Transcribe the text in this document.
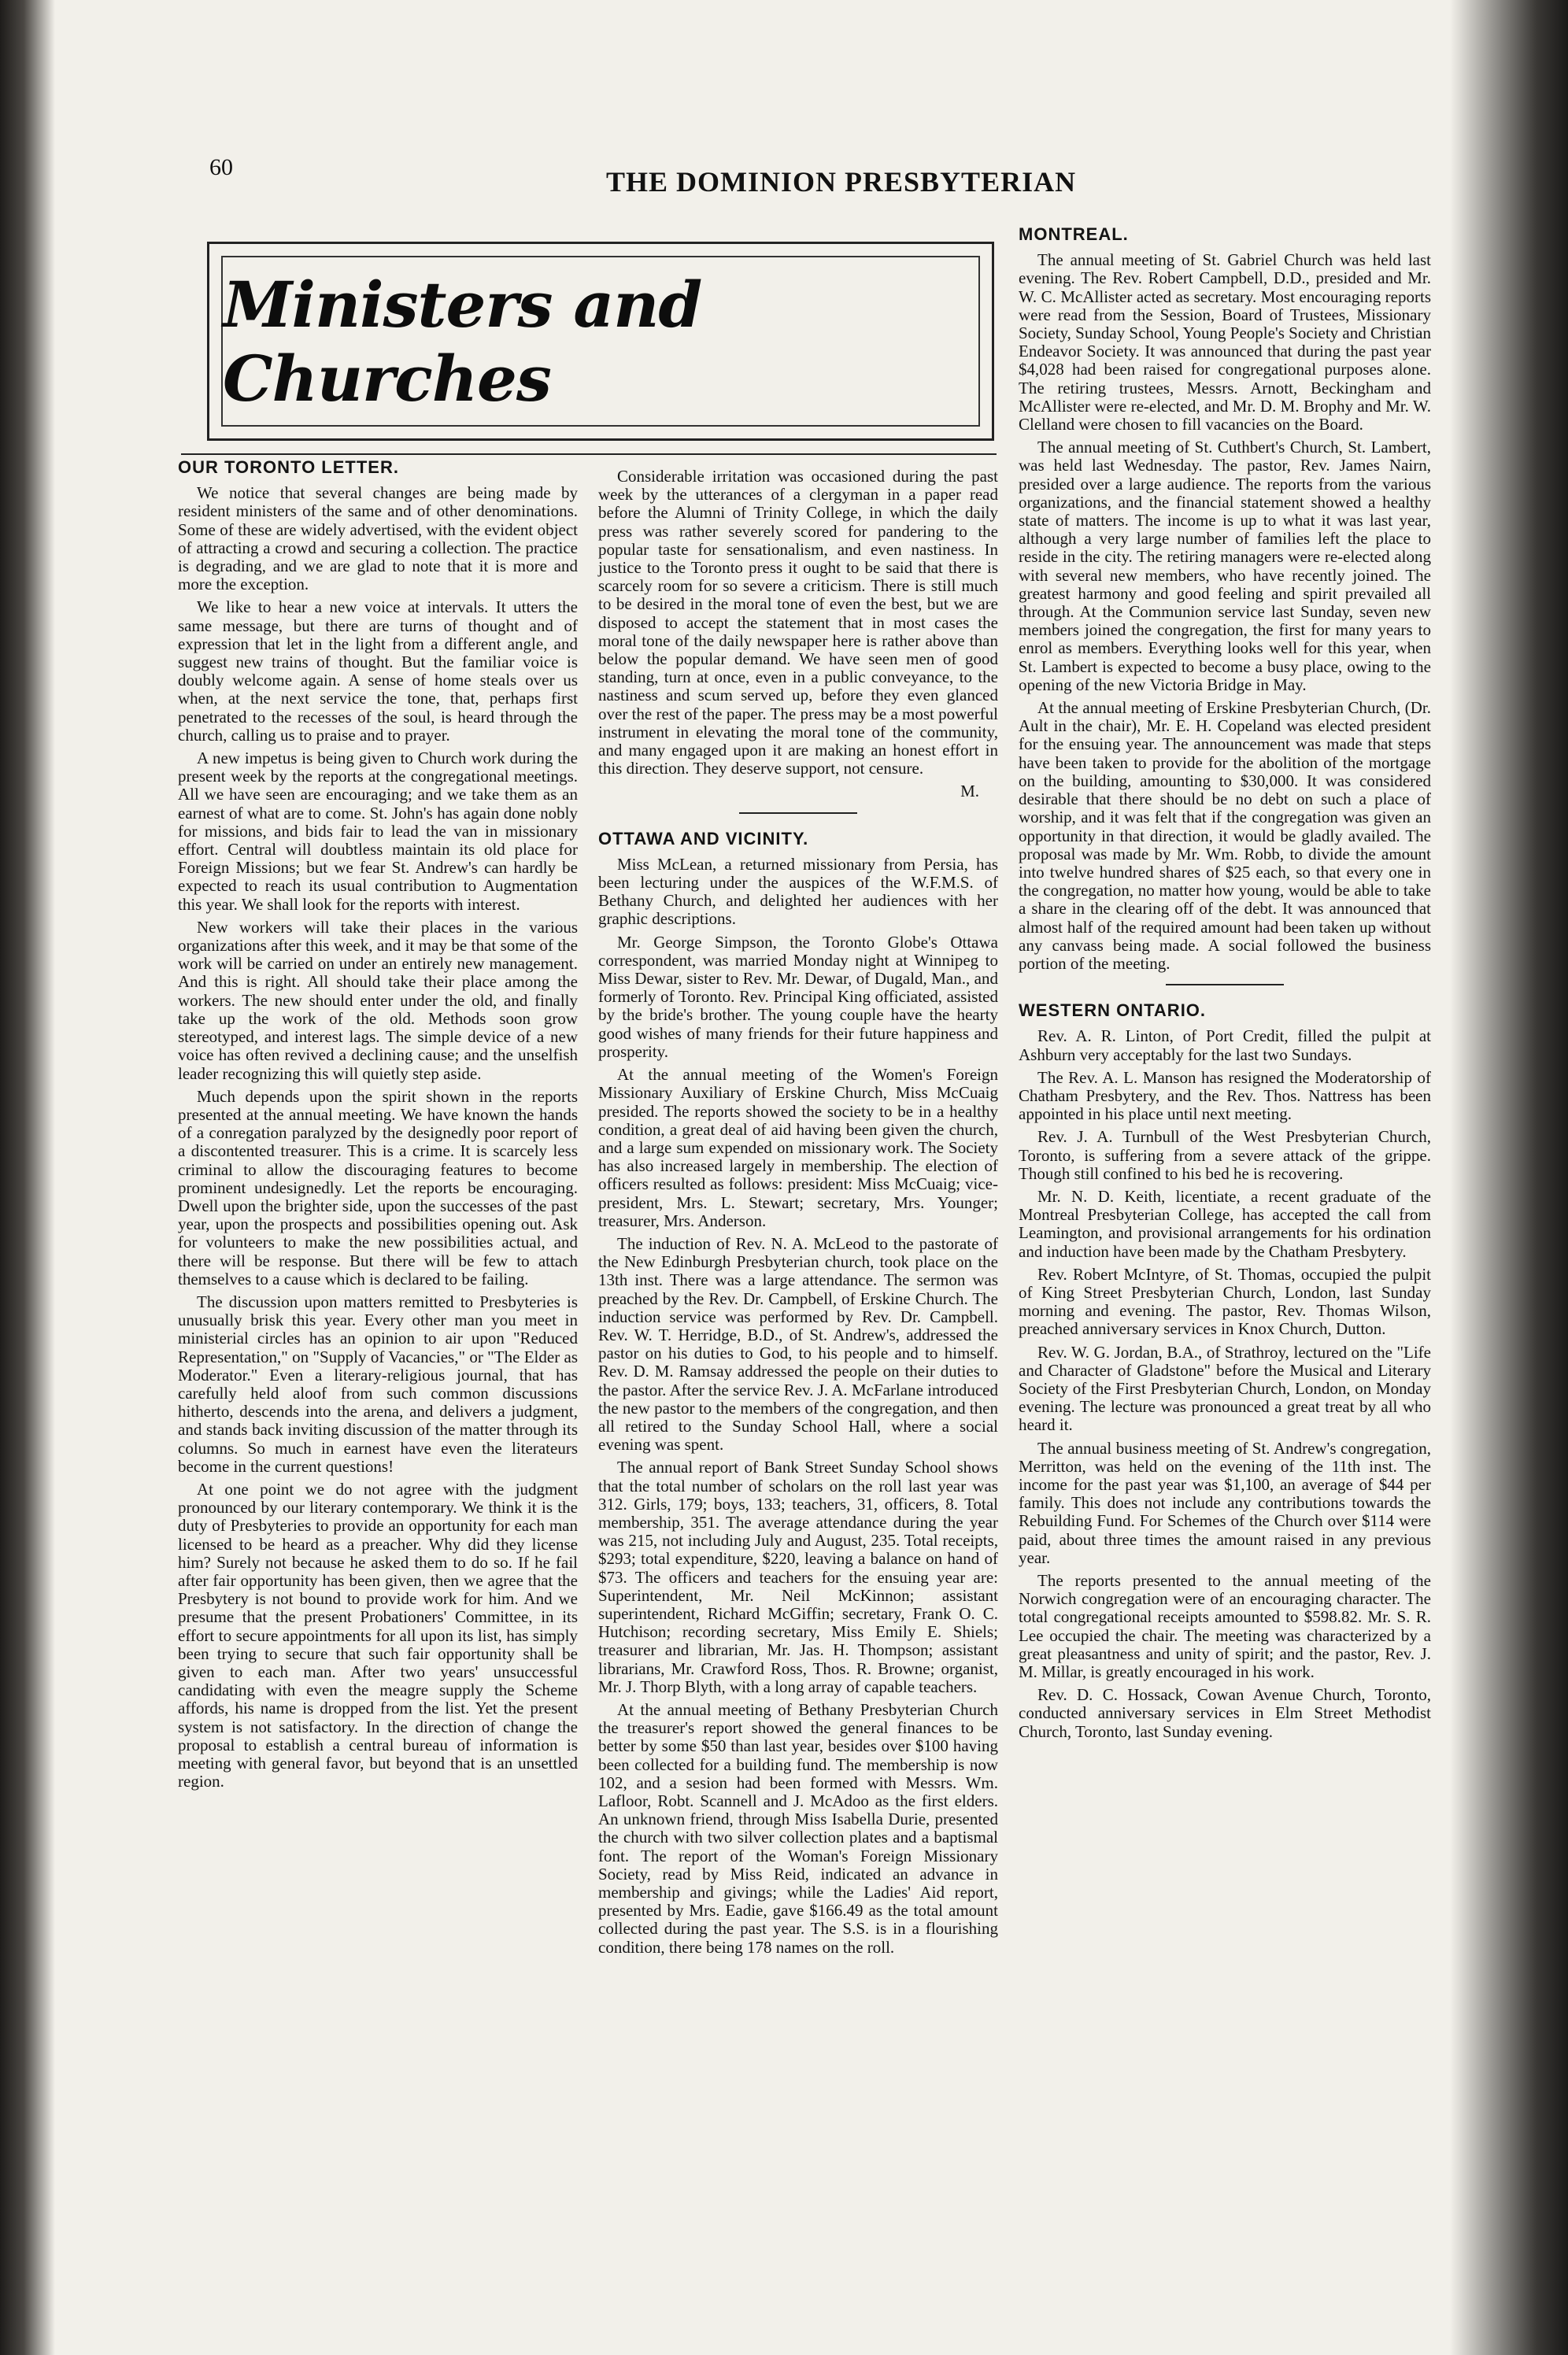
60	THE DOMINION PRESBYTERIAN
Ministers and Churches
OUR TORONTO LETTER.

We notice that several changes are being made by resident ministers of the same and of other denominations. Some of these are widely advertised, with the evident object of attracting a crowd and securing a collection. The practice is degrading, and we are glad to note that it is more and more the exception.

We like to hear a new voice at intervals. It utters the same message, but there are turns of thought and of expression that let in the light from a different angle, and suggest new trains of thought. But the familiar voice is doubly welcome again. A sense of home steals over us when, at the next service the tone, that, perhaps first penetrated to the recesses of the soul, is heard through the church, calling us to praise and to prayer.

A new impetus is being given to Church work during the present week by the reports at the congregational meetings. All we have seen are encouraging; and we take them as an earnest of what are to come. St. John's has again done nobly for missions, and bids fair to lead the van in missionary effort. Central will doubtless maintain its old place for Foreign Missions; but we fear St. Andrew's can hardly be expected to reach its usual contribution to Augmentation this year. We shall look for the reports with interest.

New workers will take their places in the various organizations after this week, and it may be that some of the work will be carried on under an entirely new management. And this is right. All should take their place among the workers. The new should enter under the old, and finally take up the work of the old. Methods soon grow stereotyped, and interest lags. The simple device of a new voice has often revived a declining cause; and the unselfish leader recognizing this will quietly step aside.

Much depends upon the spirit shown in the reports presented at the annual meeting. We have known the hands of a conregation paralyzed by the designedly poor report of a discontented treasurer. This is a crime. It is scarcely less criminal to allow the discouraging features to become prominent undesignedly. Let the reports be encouraging. Dwell upon the brighter side, upon the successes of the past year, upon the prospects and possibilities opening out. Ask for volunteers to make the new possibilities actual, and there will be response. But there will be few to attach themselves to a cause which is declared to be failing.

The discussion upon matters remitted to Presbyteries is unusually brisk this year. Every other man you meet in ministerial circles has an opinion to air upon "Reduced Representation," on "Supply of Vacancies," or "The Elder as Moderator." Even a literary-religious journal, that has carefully held aloof from such common discussions hitherto, descends into the arena, and delivers a judgment, and stands back inviting discussion of the matter through its columns. So much in earnest have even the literateurs become in the current questions!

At one point we do not agree with the judgment pronounced by our literary contemporary. We think it is the duty of Presbyteries to provide an opportunity for each man licensed to be heard as a preacher. Why did they license him? Surely not because he asked them to do so. If he fail after fair opportunity has been given, then we agree that the Presbytery is not bound to provide work for him. And we presume that the present Probationers' Committee, in its effort to secure appointments for all upon its list, has simply been trying to secure that such fair opportunity shall be given to each man. After two years' unsuccessful candidating with even the meagre supply the Scheme affords, his name is dropped from the list. Yet the present system is not satisfactory. In the direction of change the proposal to establish a central bureau of information is meeting with general favor, but beyond that is an unsettled region.

Considerable irritation was occasioned during the past week by the utterances of a clergyman in a paper read before the Alumni of Trinity College, in which the daily press was rather severely scored for pandering to the popular taste for sensationalism, and even nastiness. In justice to the Toronto press it ought to be said that there is scarcely room for so severe a criticism. There is still much to be desired in the moral tone of even the best, but we are disposed to accept the statement that in most cases the moral tone of the daily newspaper here is rather above than below the popular demand. We have seen men of good standing, turn at once, even in a public conveyance, to the nastiness and scum served up, before they even glanced over the rest of the paper. The press may be a most powerful instrument in elevating the moral tone of the community, and many engaged upon it are making an honest effort in this direction. They deserve support, not censure.

M.
OTTAWA AND VICINITY.

Miss McLean, a returned missionary from Persia, has been lecturing under the auspices of the W.F.M.S. of Bethany Church, and delighted her audiences with her graphic descriptions.

Mr. George Simpson, the Toronto Globe's Ottawa correspondent, was married Monday night at Winnipeg to Miss Dewar, sister to Rev. Mr. Dewar, of Dugald, Man., and formerly of Toronto. Rev. Principal King officiated, assisted by the bride's brother. The young couple have the hearty good wishes of many friends for their future happiness and prosperity.

At the annual meeting of the Women's Foreign Missionary Auxiliary of Erskine Church, Miss McCuaig presided. The reports showed the society to be in a healthy condition, a great deal of aid having been given the church, and a large sum expended on missionary work. The Society has also increased largely in membership. The election of officers resulted as follows: president: Miss McCuaig; vice-president, Mrs. L. Stewart; secretary, Mrs. Younger; treasurer, Mrs. Anderson.

The induction of Rev. N. A. McLeod to the pastorate of the New Edinburgh Presbyterian church, took place on the 13th inst. There was a large attendance. The sermon was preached by the Rev. Dr. Campbell, of Erskine Church. The induction service was performed by Rev. Dr. Campbell. Rev. W. T. Herridge, B.D., of St. Andrew's, addressed the pastor on his duties to God, to his people and to himself. Rev. D. M. Ramsay addressed the people on their duties to the pastor. After the service Rev. J. A. McFarlane introduced the new pastor to the members of the congregation, and then all retired to the Sunday School Hall, where a social evening was spent.

The annual report of Bank Street Sunday School shows that the total number of scholars on the roll last year was 312. Girls, 179; boys, 133; teachers, 31, officers, 8. Total membership, 351. The average attendance during the year was 215, not including July and August, 235. Total receipts, $293; total expenditure, $220, leaving a balance on hand of $73. The officers and teachers for the ensuing year are: Superintendent, Mr. Neil McKinnon; assistant superintendent, Richard McGiffin; secretary, Frank O. C. Hutchison; recording secretary, Miss Emily E. Shiels; treasurer and librarian, Mr. Jas. H. Thompson; assistant librarians, Mr. Crawford Ross, Thos. R. Browne; organist, Mr. J. Thorp Blyth, with a long array of capable teachers.

At the annual meeting of Bethany Presbyterian Church the treasurer's report showed the general finances to be better by some $50 than last year, besides over $100 having been collected for a building fund. The membership is now 102, and a sesion had been formed with Messrs. Wm. Lafloor, Robt. Scannell and J. McAdoo as the first elders. An unknown friend, through Miss Isabella Durie, presented the church with two silver collection plates and a baptismal font. The report of the Woman's Foreign Missionary Society, read by Miss Reid, indicated an advance in membership and givings; while the Ladies' Aid report, presented by Mrs. Eadie, gave $166.49 as the total amount collected during the past year. The S.S. is in a flourishing condition, there being 178 names on the roll.

MONTREAL.

The annual meeting of St. Gabriel Church was held last evening. The Rev. Robert Campbell, D.D., presided and Mr. W. C. McAllister acted as secretary. Most encouraging reports were read from the Session, Board of Trustees, Missionary Society, Sunday School, Young People's Society and Christian Endeavor Society. It was announced that during the past year $4,028 had been raised for congregational purposes alone. The retiring trustees, Messrs. Arnott, Beckingham and McAllister were re-elected, and Mr. D. M. Brophy and Mr. W. Clelland were chosen to fill vacancies on the Board.

The annual meeting of St. Cuthbert's Church, St. Lambert, was held last Wednesday. The pastor, Rev. James Nairn, presided over a large audience. The reports from the various organizations, and the financial statement showed a healthy state of matters. The income is up to what it was last year, although a very large number of families left the place to reside in the city. The retiring managers were re-elected along with several new members, who have recently joined. The greatest harmony and good feeling and spirit prevailed all through. At the Communion service last Sunday, seven new members joined the congregation, the first for many years to enrol as members. Everything looks well for this year, when St. Lambert is expected to become a busy place, owing to the opening of the new Victoria Bridge in May.

At the annual meeting of Erskine Presbyterian Church, (Dr. Ault in the chair), Mr. E. H. Copeland was elected president for the ensuing year. The announcement was made that steps have been taken to provide for the abolition of the mortgage on the building, amounting to $30,000. It was considered desirable that there should be no debt on such a place of worship, and it was felt that if the congregation was given an opportunity in that direction, it would be gladly availed. The proposal was made by Mr. Wm. Robb, to divide the amount into twelve hundred shares of $25 each, so that every one in the congregation, no matter how young, would be able to take a share in the clearing off of the debt. It was announced that almost half of the required amount had been taken up without any canvass being made. A social followed the business portion of the meeting.

WESTERN ONTARIO.

Rev. A. R. Linton, of Port Credit, filled the pulpit at Ashburn very acceptably for the last two Sundays.

The Rev. A. L. Manson has resigned the Moderatorship of Chatham Presbytery, and the Rev. Thos. Nattress has been appointed in his place until next meeting.

Rev. J. A. Turnbull of the West Presbyterian Church, Toronto, is suffering from a severe attack of the grippe. Though still confined to his bed he is recovering.

Mr. N. D. Keith, licentiate, a recent graduate of the Montreal Presbyterian College, has accepted the call from Leamington, and provisional arrangements for his ordination and induction have been made by the Chatham Presbytery.

Rev. Robert McIntyre, of St. Thomas, occupied the pulpit of King Street Presbyterian Church, London, last Sunday morning and evening. The pastor, Rev. Thomas Wilson, preached anniversary services in Knox Church, Dutton.

Rev. W. G. Jordan, B.A., of Strathroy, lectured on the "Life and Character of Gladstone" before the Musical and Literary Society of the First Presbyterian Church, London, on Monday evening. The lecture was pronounced a great treat by all who heard it.

The annual business meeting of St. Andrew's congregation, Merritton, was held on the evening of the 11th inst. The income for the past year was $1,100, an average of $44 per family. This does not include any contributions towards the Rebuilding Fund. For Schemes of the Church over $114 were paid, about three times the amount raised in any previous year.

The reports presented to the annual meeting of the Norwich congregation were of an encouraging character. The total congregational receipts amounted to $598.82. Mr. S. R. Lee occupied the chair. The meeting was characterized by a great pleasantness and unity of spirit; and the pastor, Rev. J. M. Millar, is greatly encouraged in his work.

Rev. D. C. Hossack, Cowan Avenue Church, Toronto, conducted anniversary services in Elm Street Methodist Church, Toronto, last Sunday evening.
